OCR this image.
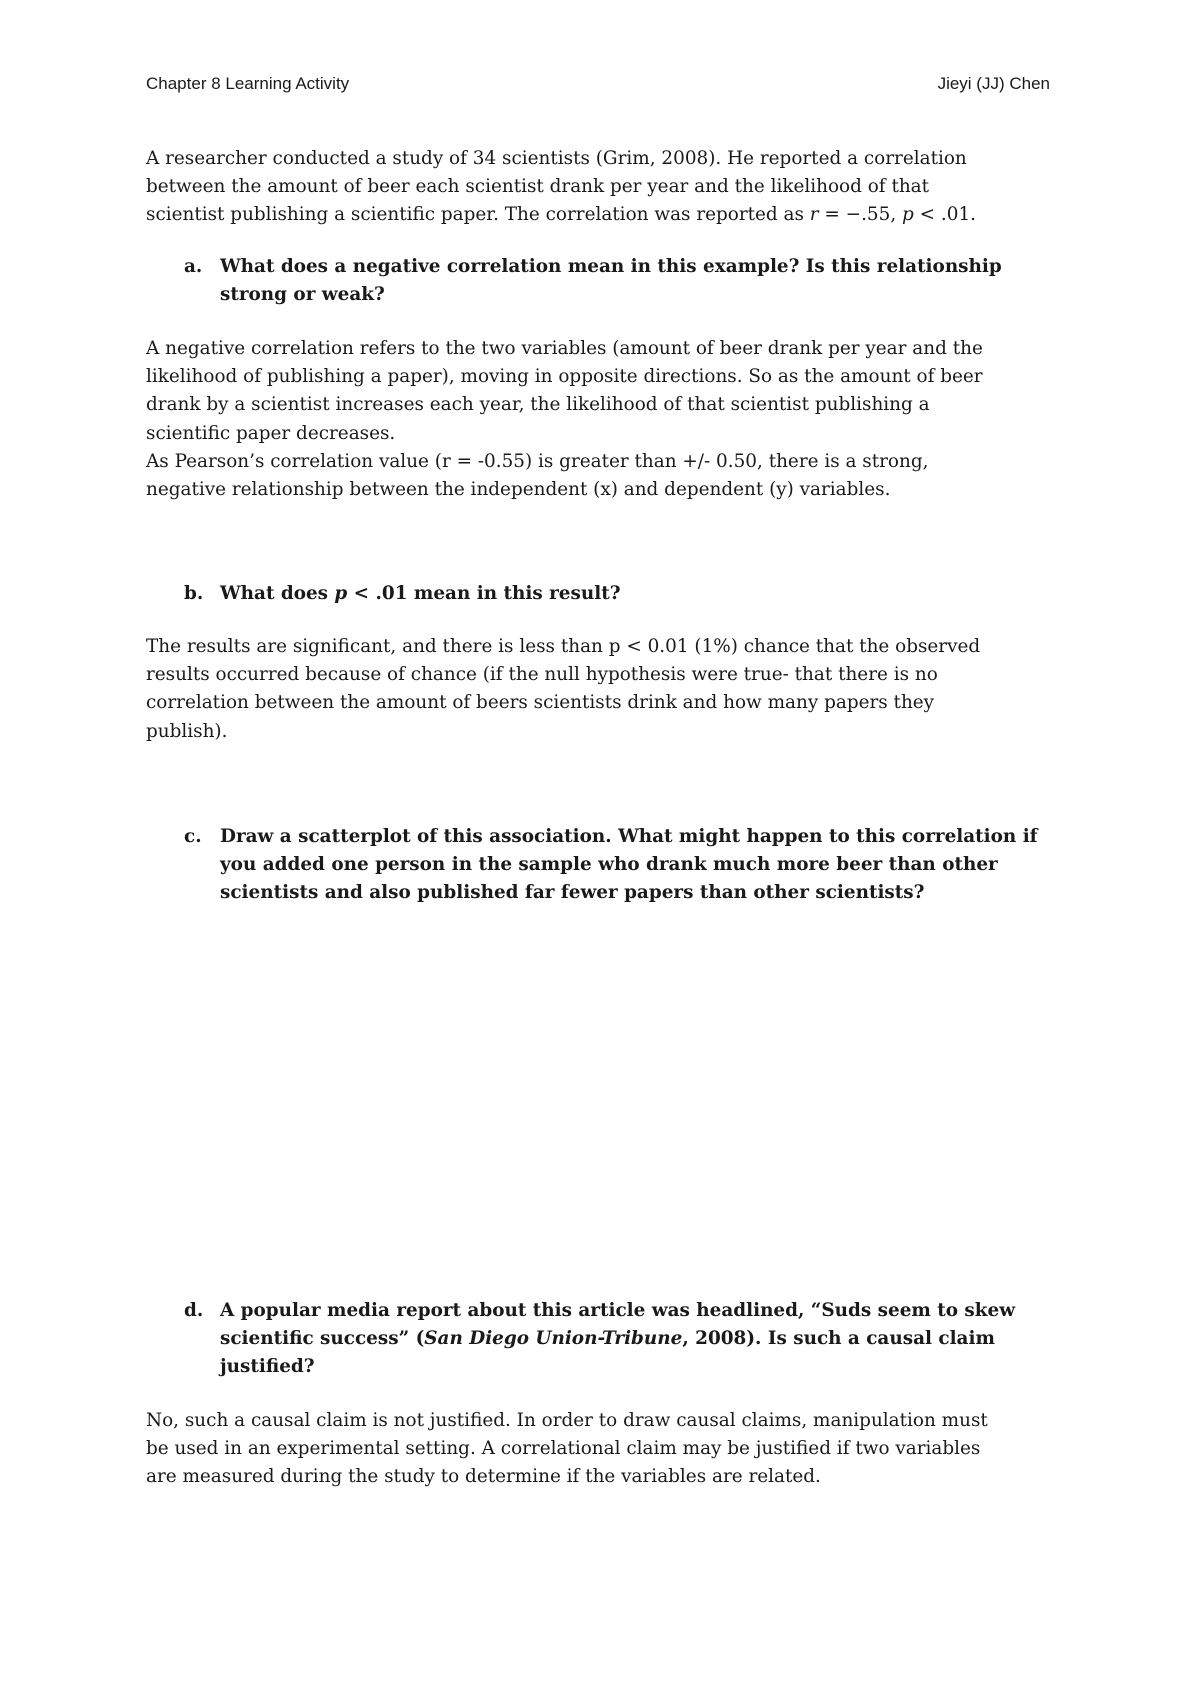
Chapter 8 Learning Activity	Jieyi (JJ) Chen
A researcher conducted a study of 34 scientists (Grim, 2008). He reported a correlation
between the amount of beer each scientist drank per year and the likelihood of that
scientist publishing a scientific paper. The correlation was reported as r = −.55, p < .01.
a. What does a negative correlation mean in this example? Is this relationship
strong or weak?
A negative correlation refers to the two variables (amount of beer drank per year and the
likelihood of publishing a paper), moving in opposite directions. So as the amount of beer
drank by a scientist increases each year, the likelihood of that scientist publishing a
scientific paper decreases.
As Pearson’s correlation value (r = -0.55) is greater than +/- 0.50, there is a strong,
negative relationship between the independent (x) and dependent (y) variables.
b. What does p < .01 mean in this result?
The results are significant, and there is less than p < 0.01 (1%) chance that the observed
results occurred because of chance (if the null hypothesis were true- that there is no
correlation between the amount of beers scientists drink and how many papers they
publish).
c. Draw a scatterplot of this association. What might happen to this correlation if
you added one person in the sample who drank much more beer than other
scientists and also published far fewer papers than other scientists?
d. A popular media report about this article was headlined, “Suds seem to skew
scientific success” (San Diego Union-Tribune, 2008). Is such a causal claim
justified?
No, such a causal claim is not justified. In order to draw causal claims, manipulation must
be used in an experimental setting. A correlational claim may be justified if two variables
are measured during the study to determine if the variables are related.
